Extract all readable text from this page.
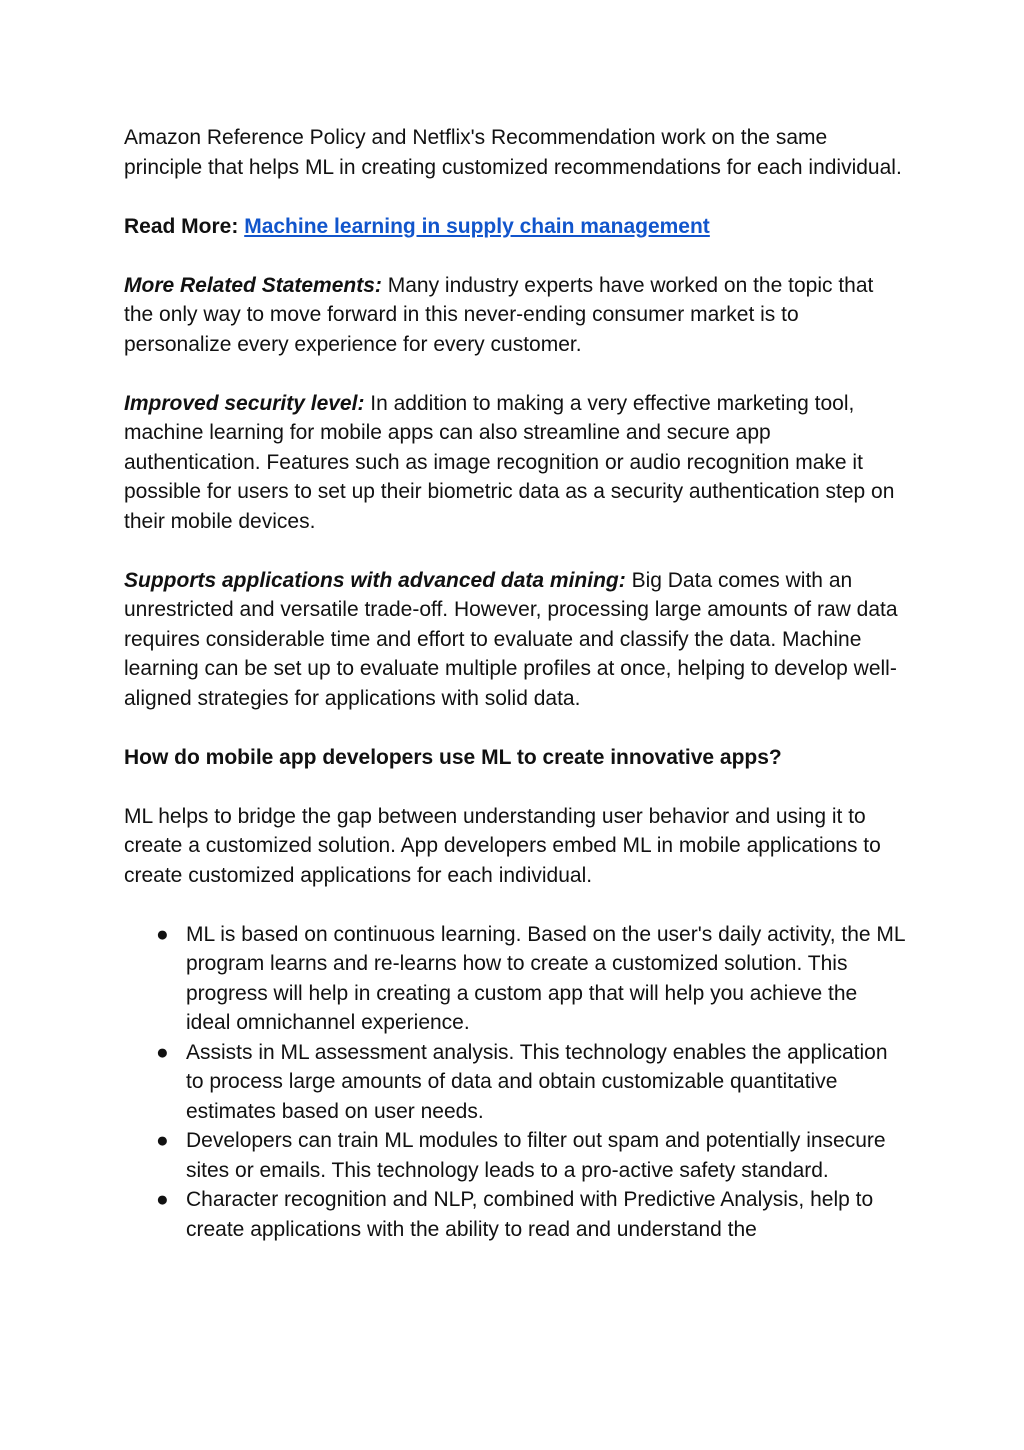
Amazon Reference Policy and Netflix's Recommendation work on the same principle that helps ML in creating customized recommendations for each individual.

Read More: Machine learning in supply chain management

More Related Statements: Many industry experts have worked on the topic that the only way to move forward in this never-ending consumer market is to personalize every experience for every customer.

Improved security level: In addition to making a very effective marketing tool, machine learning for mobile apps can also streamline and secure app authentication. Features such as image recognition or audio recognition make it possible for users to set up their biometric data as a security authentication step on their mobile devices.

Supports applications with advanced data mining: Big Data comes with an unrestricted and versatile trade-off. However, processing large amounts of raw data requires considerable time and effort to evaluate and classify the data. Machine learning can be set up to evaluate multiple profiles at once, helping to develop well-aligned strategies for applications with solid data.

How do mobile app developers use ML to create innovative apps?

ML helps to bridge the gap between understanding user behavior and using it to create a customized solution. App developers embed ML in mobile applications to create customized applications for each individual.

● ML is based on continuous learning. Based on the user's daily activity, the ML program learns and re-learns how to create a customized solution. This progress will help in creating a custom app that will help you achieve the ideal omnichannel experience.
● Assists in ML assessment analysis. This technology enables the application to process large amounts of data and obtain customizable quantitative estimates based on user needs.
● Developers can train ML modules to filter out spam and potentially insecure sites or emails. This technology leads to a pro-active safety standard.
● Character recognition and NLP, combined with Predictive Analysis, help to create applications with the ability to read and understand the
